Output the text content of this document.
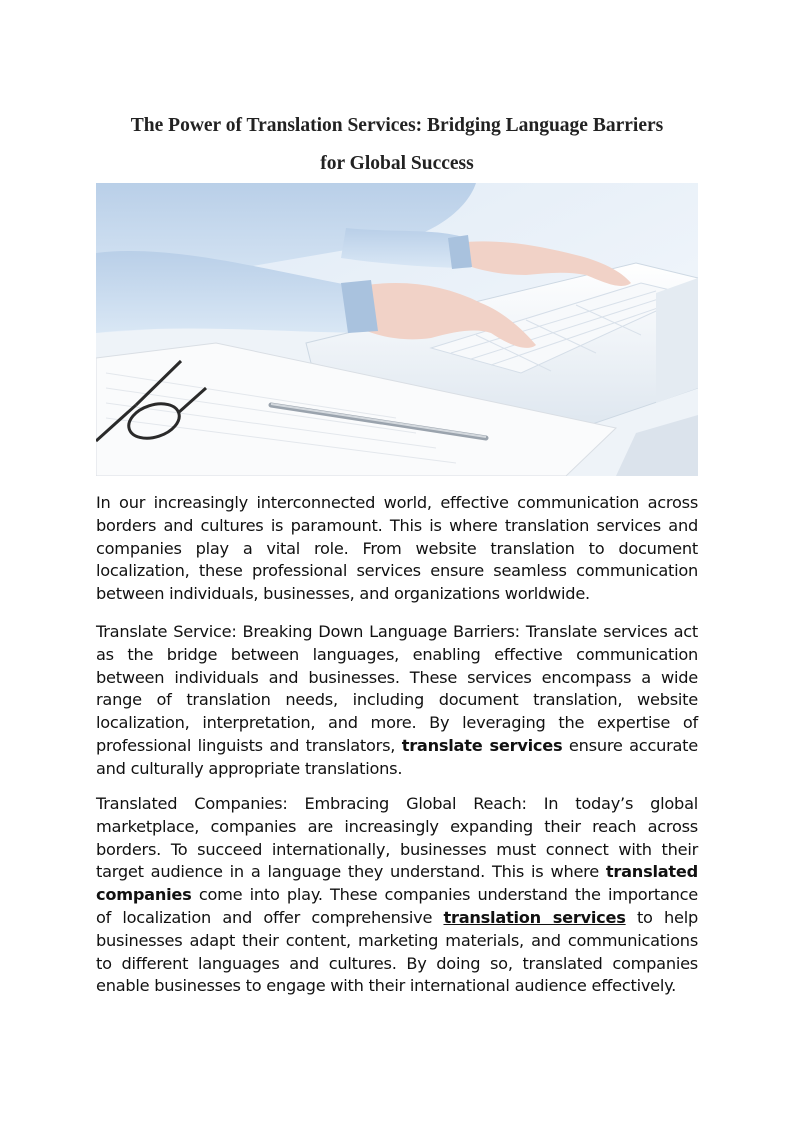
The Power of Translation Services: Bridging Language Barriers
for Global Success

In our increasingly interconnected world, effective communication across borders and cultures is paramount. This is where translation services and companies play a vital role. From website translation to document localization, these professional services ensure seamless communication between individuals, businesses, and organizations worldwide.

Translate Service: Breaking Down Language Barriers: Translate services act as the bridge between languages, enabling effective communication between individuals and businesses. These services encompass a wide range of translation needs, including document translation, website localization, interpretation, and more. By leveraging the expertise of professional linguists and translators, translate services ensure accurate and culturally appropriate translations.

Translated Companies: Embracing Global Reach: In today’s global marketplace, companies are increasingly expanding their reach across borders. To succeed internationally, businesses must connect with their target audience in a language they understand. This is where translated companies come into play. These companies understand the importance of localization and offer comprehensive translation services to help businesses adapt their content, marketing materials, and communications to different languages and cultures. By doing so, translated companies enable businesses to engage with their international audience effectively.
